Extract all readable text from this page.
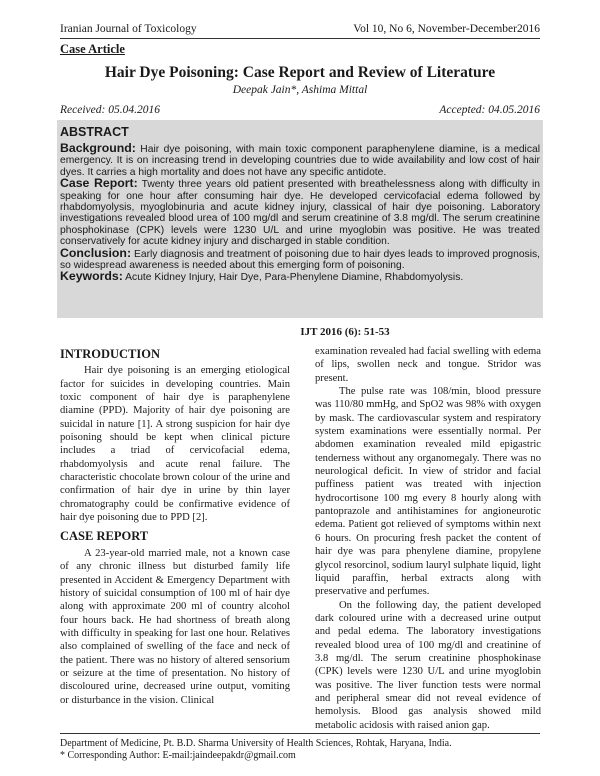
Iranian Journal of Toxicology	Vol 10, No 6, November-December2016
Case Article
Hair Dye Poisoning: Case Report and Review of Literature
Deepak Jain*, Ashima Mittal
Received: 05.04.2016	Accepted: 04.05.2016
ABSTRACT

Background: Hair dye poisoning, with main toxic component paraphenylene diamine, is a medical emergency. It is on increasing trend in developing countries due to wide availability and low cost of hair dyes. It carries a high mortality and does not have any specific antidote.

Case Report: Twenty three years old patient presented with breathelessness along with difficulty in speaking for one hour after consuming hair dye. He developed cervicofacial edema followed by rhabdomyolysis, myoglobinuria and acute kidney injury, classical of hair dye poisoning. Laboratory investigations revealed blood urea of 100 mg/dl and serum creatinine of 3.8 mg/dl. The serum creatinine phosphokinase (CPK) levels were 1230 U/L and urine myoglobin was positive. He was treated conservatively for acute kidney injury and discharged in stable condition.

Conclusion: Early diagnosis and treatment of poisoning due to hair dyes leads to improved prognosis, so widespread awareness is needed about this emerging form of poisoning.

Keywords: Acute Kidney Injury, Hair Dye, Para-Phenylene Diamine, Rhabdomyolysis.

IJT 2016 (6): 51-53
INTRODUCTION

Hair dye poisoning is an emerging etiological factor for suicides in developing countries. Main toxic component of hair dye is paraphenylene diamine (PPD). Majority of hair dye poisoning are suicidal in nature [1]. A strong suspicion for hair dye poisoning should be kept when clinical picture includes a triad of cervicofacial edema, rhabdomyolysis and acute renal failure. The characteristic chocolate brown colour of the urine and confirmation of hair dye in urine by thin layer chromatography could be confirmative evidence of hair dye poisoning due to PPD [2].

CASE REPORT

A 23-year-old married male, not a known case of any chronic illness but disturbed family life presented in Accident & Emergency Department with history of suicidal consumption of 100 ml of hair dye along with approximate 200 ml of country alcohol four hours back. He had shortness of breath along with difficulty in speaking for last one hour. Relatives also complained of swelling of the face and neck of the patient. There was no history of altered sensorium or seizure at the time of presentation. No history of discoloured urine, decreased urine output, vomiting or disturbance in the vision. Clinical

examination revealed had facial swelling with edema of lips, swollen neck and tongue. Stridor was present.

The pulse rate was 108/min, blood pressure was 110/80 mmHg, and SpO2 was 98% with oxygen by mask. The cardiovascular system and respiratory system examinations were essentially normal. Per abdomen examination revealed mild epigastric tenderness without any organomegaly. There was no neurological deficit. In view of stridor and facial puffiness patient was treated with injection hydrocortisone 100 mg every 8 hourly along with pantoprazole and antihistamines for angioneurotic edema. Patient got relieved of symptoms within next 6 hours. On procuring fresh packet the content of hair dye was para phenylene diamine, propylene glycol resorcinol, sodium lauryl sulphate liquid, light liquid paraffin, herbal extracts along with preservative and perfumes.

On the following day, the patient developed dark coloured urine with a decreased urine output and pedal edema. The laboratory investigations revealed blood urea of 100 mg/dl and creatinine of 3.8 mg/dl. The serum creatinine phosphokinase (CPK) levels were 1230 U/L and urine myoglobin was positive. The liver function tests were normal and peripheral smear did not reveal evidence of hemolysis. Blood gas analysis showed mild metabolic acidosis with raised anion gap.

Department of Medicine, Pt. B.D. Sharma University of Health Sciences, Rohtak, Haryana, India.
* Corresponding Author: E-mail:jaindeepakdr@gmail.com
